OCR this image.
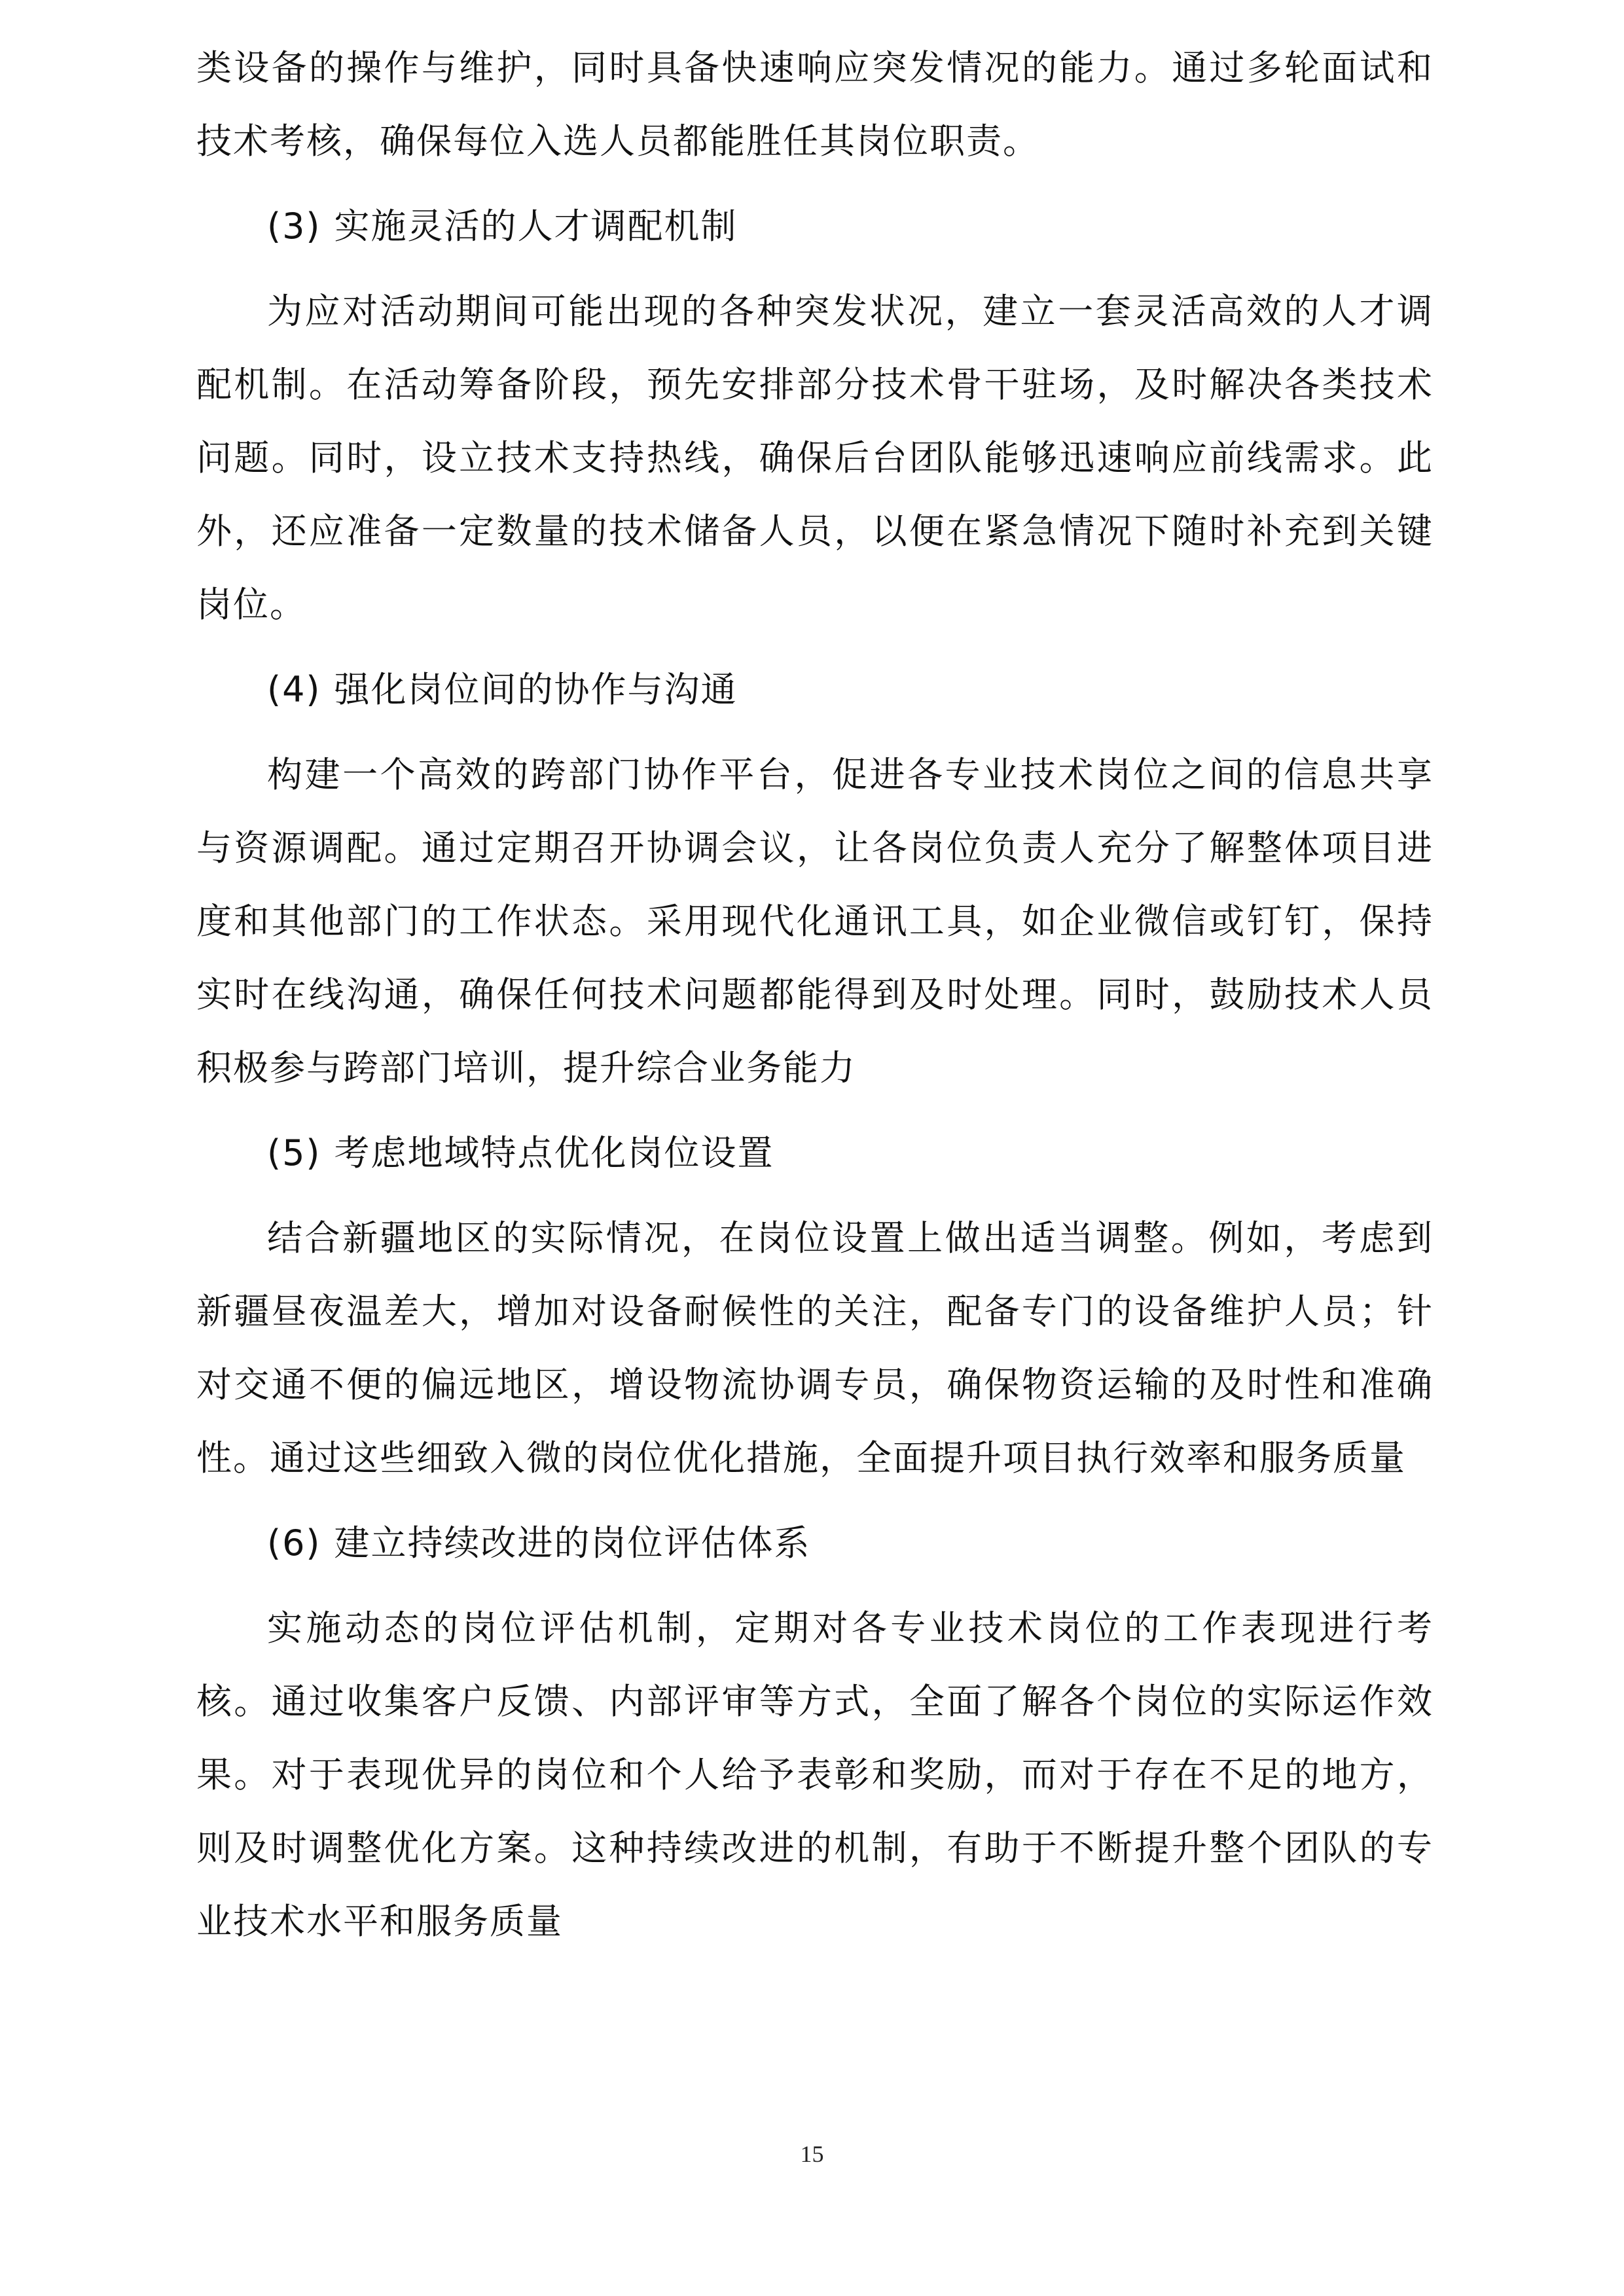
类设备的操作与维护，同时具备快速响应突发情况的能力。通过多轮面试和技术考核，确保每位入选人员都能胜任其岗位职责。

(3) 实施灵活的人才调配机制

为应对活动期间可能出现的各种突发状况，建立一套灵活高效的人才调配机制。在活动筹备阶段，预先安排部分技术骨干驻场，及时解决各类技术问题。同时，设立技术支持热线，确保后台团队能够迅速响应前线需求。此外，还应准备一定数量的技术储备人员，以便在紧急情况下随时补充到关键岗位。

(4) 强化岗位间的协作与沟通

构建一个高效的跨部门协作平台，促进各专业技术岗位之间的信息共享与资源调配。通过定期召开协调会议，让各岗位负责人充分了解整体项目进度和其他部门的工作状态。采用现代化通讯工具，如企业微信或钉钉，保持实时在线沟通，确保任何技术问题都能得到及时处理。同时，鼓励技术人员积极参与跨部门培训，提升综合业务能力

(5) 考虑地域特点优化岗位设置

结合新疆地区的实际情况，在岗位设置上做出适当调整。例如，考虑到新疆昼夜温差大，增加对设备耐候性的关注，配备专门的设备维护人员；针对交通不便的偏远地区，增设物流协调专员，确保物资运输的及时性和准确性。通过这些细致入微的岗位优化措施，全面提升项目执行效率和服务质量

(6) 建立持续改进的岗位评估体系

实施动态的岗位评估机制，定期对各专业技术岗位的工作表现进行考核。通过收集客户反馈、内部评审等方式，全面了解各个岗位的实际运作效果。对于表现优异的岗位和个人给予表彰和奖励，而对于存在不足的地方，则及时调整优化方案。这种持续改进的机制，有助于不断提升整个团队的专业技术水平和服务质量

15
